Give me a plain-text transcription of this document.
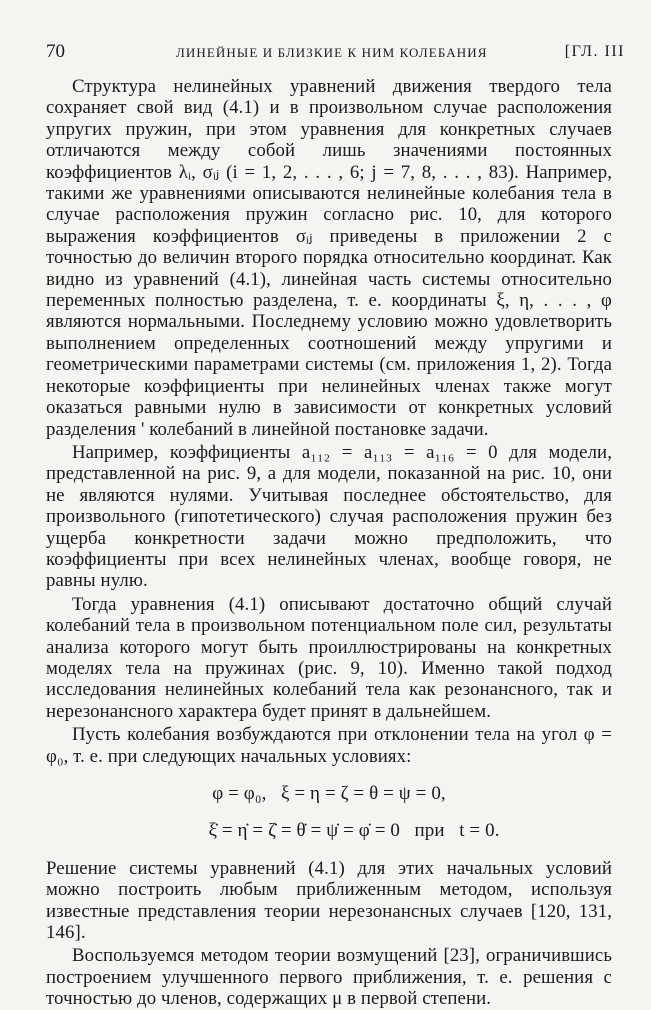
70	ЛИНЕЙНЫЕ И БЛИЗКИЕ К НИМ КОЛЕБАНИЯ	[ГЛ. III

Структура нелинейных уравнений движения твердого тела сохраняет свой вид (4.1) и в произвольном случае расположения упругих пружин, при этом уравнения для конкретных случаев отличаются между собой лишь значениями постоянных коэффициентов λᵢ, σᵢⱼ (i = 1, 2, . . . , 6; j = 7, 8, . . . , 83). Например, такими же уравнениями описываются нелинейные колебания тела в случае расположения пружин согласно рис. 10, для которого выражения коэффициентов σᵢⱼ приведены в приложении 2 с точностью до величин второго порядка относительно координат. Как видно из уравнений (4.1), линейная часть системы относительно переменных полностью разделена, т. е. координаты ξ, η, . . . , φ являются нормальными. Последнему условию можно удовлетворить выполнением определенных соотношений между упругими и геометрическими параметрами системы (см. приложения 1, 2). Тогда некоторые коэффициенты при нелинейных членах также могут оказаться равными нулю в зависимости от конкретных условий разделения ' колебаний в линейной постановке задачи.

Например, коэффициенты a₁₁₂ = a₁₁₃ = a₁₁₆ = 0 для модели, представленной на рис. 9, а для модели, показанной на рис. 10, они не являются нулями. Учитывая последнее обстоятельство, для произвольного (гипотетического) случая расположения пружин без ущерба конкретности задачи можно предположить, что коэффициенты при всех нелинейных членах, вообще говоря, не равны нулю.

Тогда уравнения (4.1) описывают достаточно общий случай колебаний тела в произвольном потенциальном поле сил, результаты анализа которого могут быть проиллюстрированы на конкретных моделях тела на пружинах (рис. 9, 10). Именно такой подход исследования нелинейных колебаний тела как резонансного, так и нерезонансного характера будет принят в дальнейшем.

Пусть колебания возбуждаются при отклонении тела на угол φ = φ₀, т. е. при следующих начальных условиях:

φ = φ₀,   ξ = η = ζ = θ = ψ = 0,

ξ̇ = η̇ = ζ̇ = θ̇ = ψ̇ = φ̇ = 0   при   t = 0.

Решение системы уравнений (4.1) для этих начальных условий можно построить любым приближенным методом, используя известные представления теории нерезонансных случаев [120, 131, 146].

Воспользуемся методом теории возмущений [23], ограничившись построением улучшенного первого приближения, т. е. решения с точностью до членов, содержащих μ в первой степени.
